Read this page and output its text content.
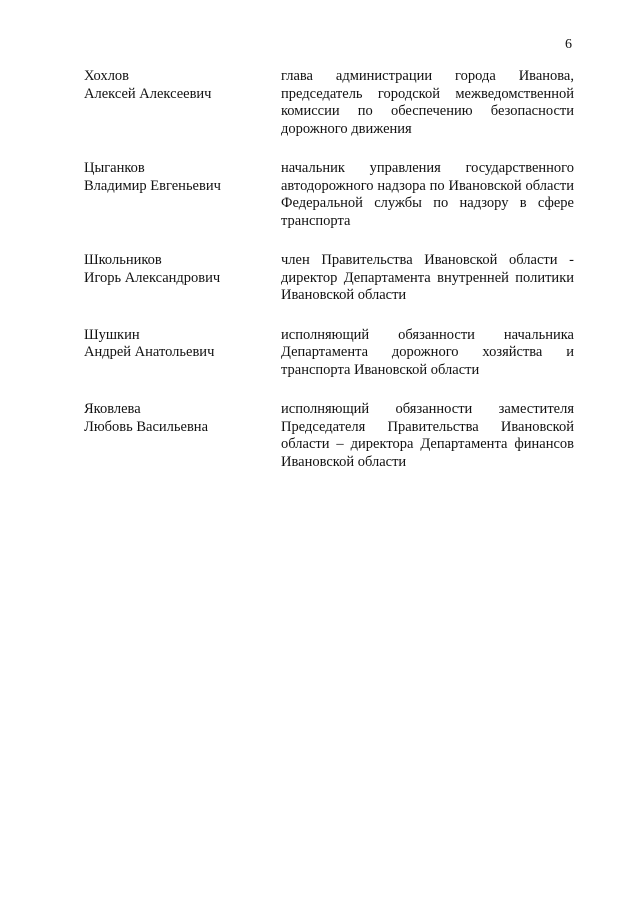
6
Хохлов
Алексей Алексеевич
глава администрации города Иванова, председатель городской межведомственной комиссии по обеспечению безопасности дорожного движения
Цыганков
Владимир Евгеньевич
начальник управления государственного автодорожного надзора по Ивановской области Федеральной службы по надзору в сфере транспорта
Школьников
Игорь Александрович
член Правительства Ивановской области - директор Департамента внутренней политики Ивановской области
Шушкин
Андрей Анатольевич
исполняющий обязанности начальника Департамента дорожного хозяйства и транспорта Ивановской области
Яковлева
Любовь Васильевна
исполняющий обязанности заместителя Председателя Правительства Ивановской области – директора Департамента финансов Ивановской области
